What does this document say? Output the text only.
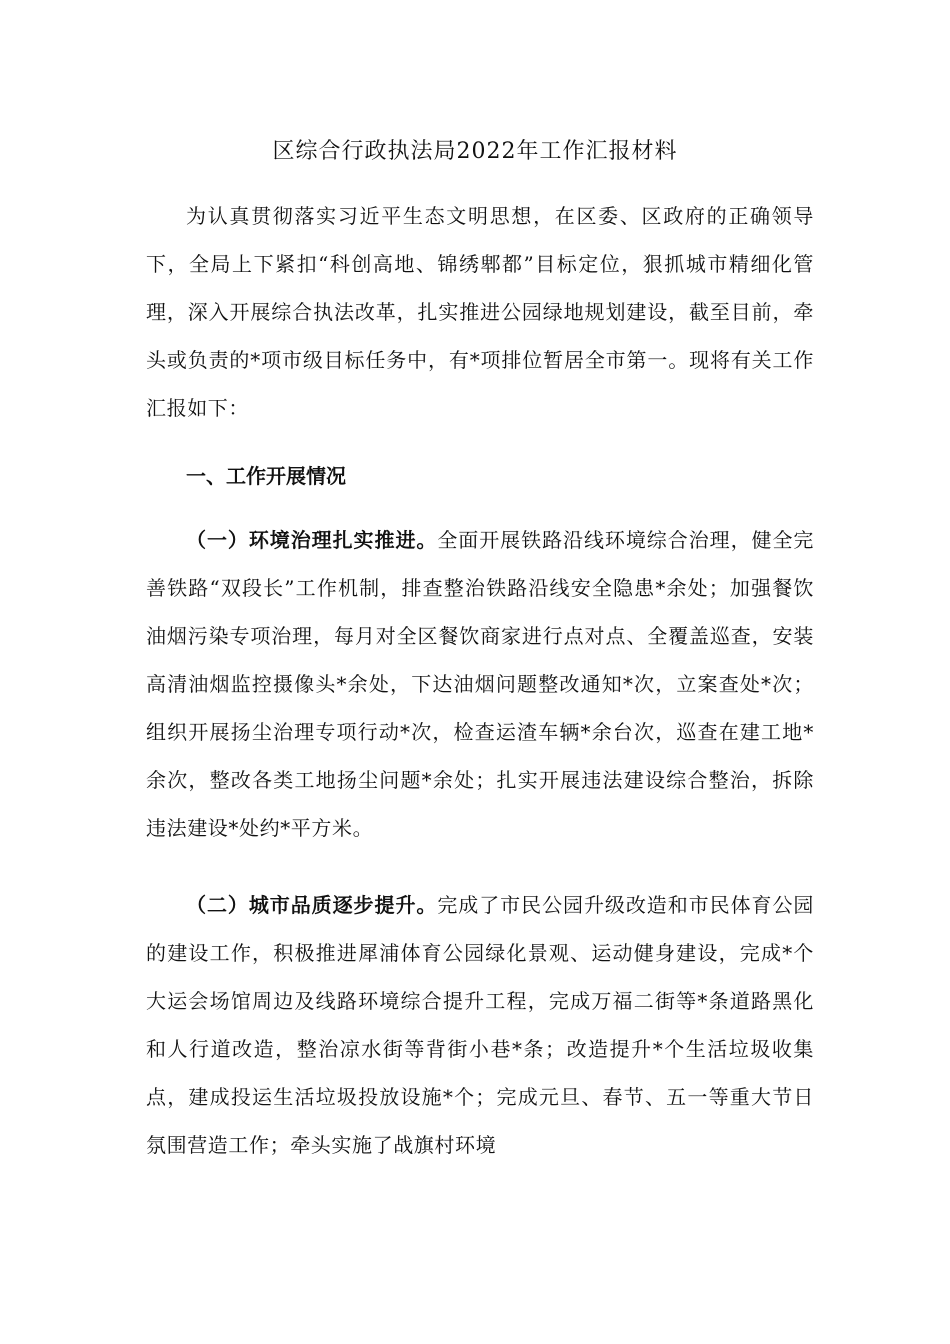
区综合行政执法局2022年工作汇报材料

为认真贯彻落实习近平生态文明思想，在区委、区政府的正确领导下，全局上下紧扣“科创高地、锦绣郫都”目标定位，狠抓城市精细化管理，深入开展综合执法改革，扎实推进公园绿地规划建设，截至目前，牵头或负责的*项市级目标任务中，有*项排位暂居全市第一。现将有关工作汇报如下：

一、工作开展情况

（一）环境治理扎实推进。全面开展铁路沿线环境综合治理，健全完善铁路“双段长”工作机制，排查整治铁路沿线安全隐患*余处；加强餐饮油烟污染专项治理，每月对全区餐饮商家进行点对点、全覆盖巡查，安装高清油烟监控摄像头*余处，下达油烟问题整改通知*次，立案查处*次；组织开展扬尘治理专项行动*次，检查运渣车辆*余台次，巡查在建工地*余次，整改各类工地扬尘问题*余处；扎实开展违法建设综合整治，拆除违法建设*处约*平方米。

（二）城市品质逐步提升。完成了市民公园升级改造和市民体育公园的建设工作，积极推进犀浦体育公园绿化景观、运动健身建设，完成*个大运会场馆周边及线路环境综合提升工程，完成万福二街等*条道路黑化和人行道改造，整治凉水街等背街小巷*条；改造提升*个生活垃圾收集点，建成投运生活垃圾投放设施*个；完成元旦、春节、五一等重大节日氛围营造工作；牵头实施了战旗村环境
